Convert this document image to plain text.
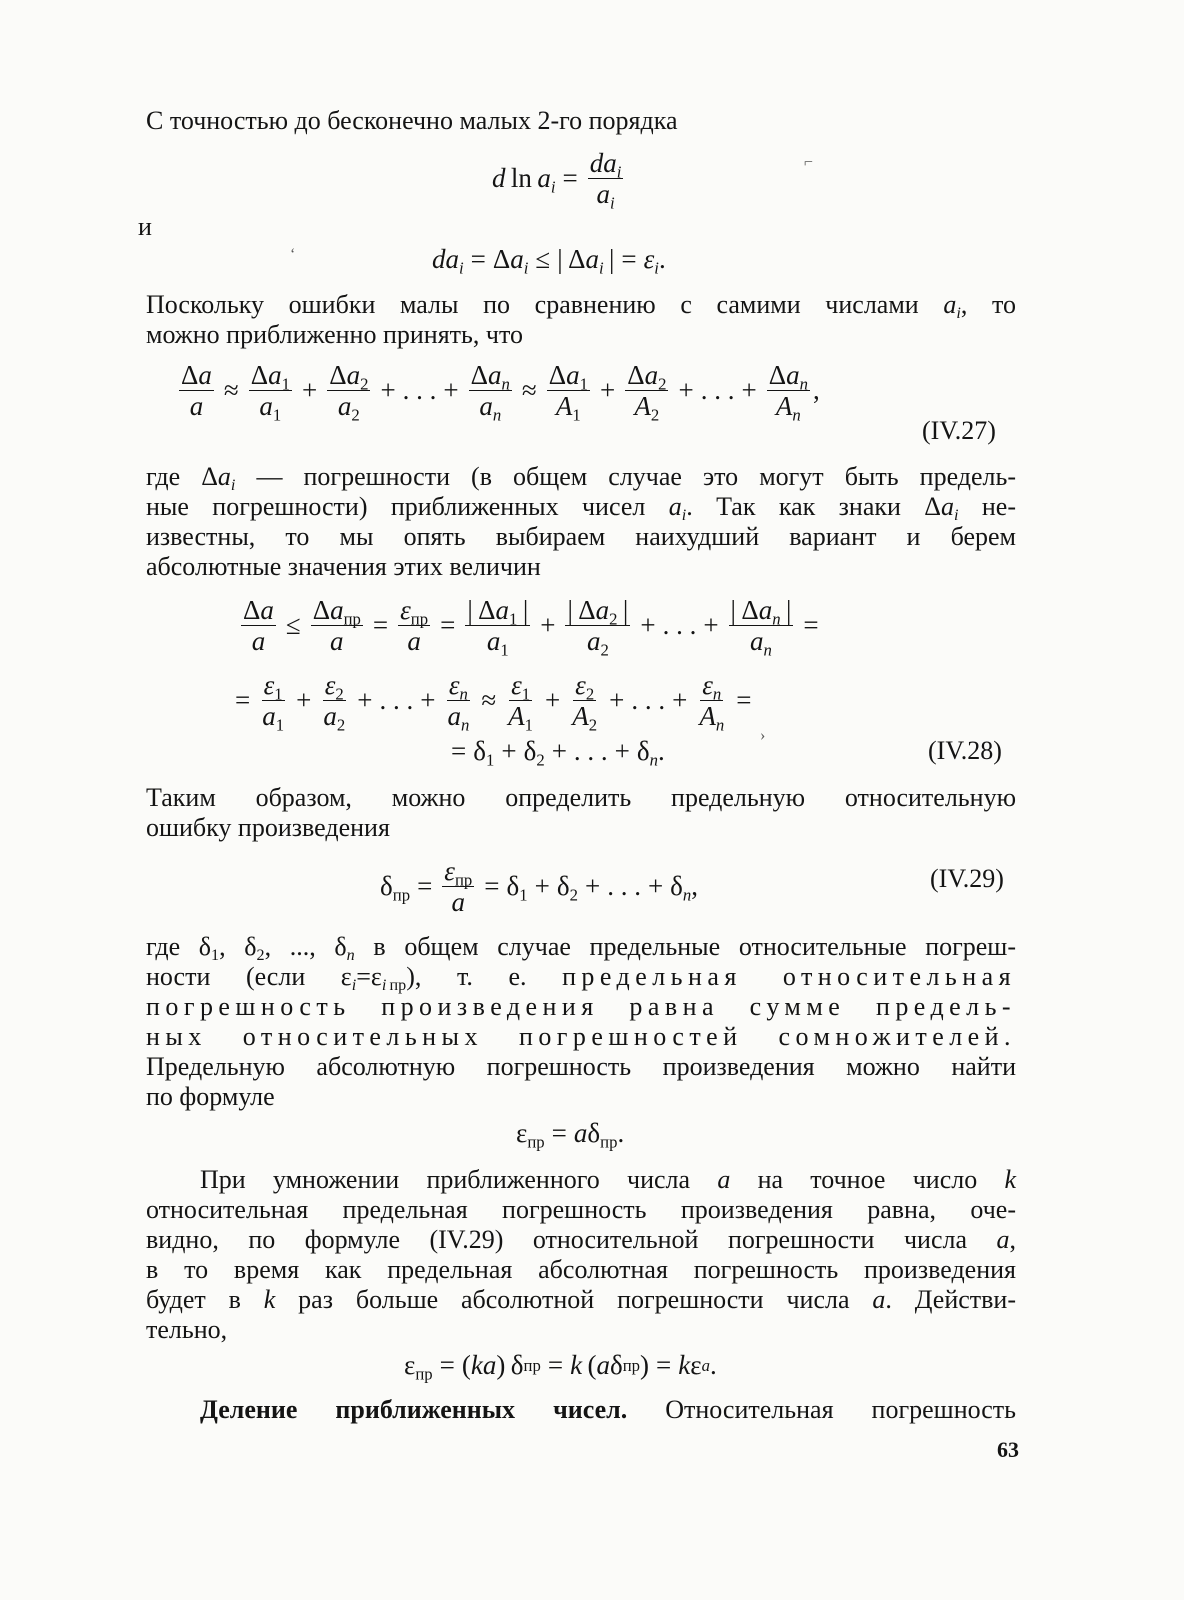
С точностью до бесконечно малых 2-го порядка

d  $\ln a_i$ =
$da_i$
$a_i$
⌐

и

$da_i = \Delta a_i$ ≤ |
  $\Delta a_i$  | = $\varepsilon_i$ .
‘

Поскольку ошибки малы по сравнению с самими числами $a_i$, то

можно приближенно принять, что

$\frac{\Delta a}{a} \approx \frac{\Delta a_1}{a_1} + \frac{\Delta a_2}{a_2}$ + . . . +
$\Delta a_n$
$a_n$
≈ $\frac{\Delta a_1}{A_1} + \frac{\Delta a_2}{A_2}$ + . . . +
$\Delta a_n$
$A_n$
,
(IV.27)

где $\Delta a_i$ — погрешности (в общем случае это могут быть предель-

ные погрешности) приближенных чисел $a_i$. Так как знаки $\Delta a_i$ не-

известны, то мы опять выбираем наихудший вариант и берем

абсолютные значения этих величин

$\frac{\Delta a}{a}$ ≤
$\Delta a_{пр}$
a
=
$\varepsilon_{пр}$
a
= $\frac{| \Delta a_1 |}{a_1} + \frac{| \Delta a_2 |}{a_2}$ + . . . +
|  $\Delta a_n$  |
$a_n$
=
= $\frac{\varepsilon_1}{a_1} + \frac{\varepsilon_2}{a_2}$ + . . . + $\frac{\varepsilon_n}{a_n} \approx \frac{\varepsilon_1}{A_1} + \frac{\varepsilon_2}{A_2}$ + . . . + $\frac{\varepsilon_n}{A_n}$ =
= $\delta_1 + \delta_2$ + . . . + $\delta_n$ .
›
(IV.28)

Таким образом, можно определить предельную относительную

ошибку произведения

$\delta_{пр}$ =
$\varepsilon_{пр}$
a
= $\delta_1 + \delta_2$ + . . . + $\delta_n$ ,	(IV.29)

где $\delta_1$, $\delta_2$, ..., $\delta_n$ в общем случае предельные относительные погреш-

ности (если $\varepsilon_i=\varepsilon_{i пр}$), т. е. предельная относительная

погрешность произведения равна сумме предель-

ных относительных погрешностей сомножителей.

Предельную абсолютную погрешность произведения можно найти

по формуле

$\varepsilon_{пр} = a\delta_{пр}$ .

При умножении приближенного числа a на точное число k

относительная предельная погрешность произведения равна, оче-

видно, по формуле (IV.29) относительной погрешности числа a,

в то время как предельная абсолютная погрешность произведения

будет в k раз больше абсолютной погрешности числа a. Действи-

тельно,

$\varepsilon_{пр}$ = ( ka )
  δ пр = k
  ( a δ пр ) = k ε a .

Деление приближенных чисел. Относительная погрешность

63
